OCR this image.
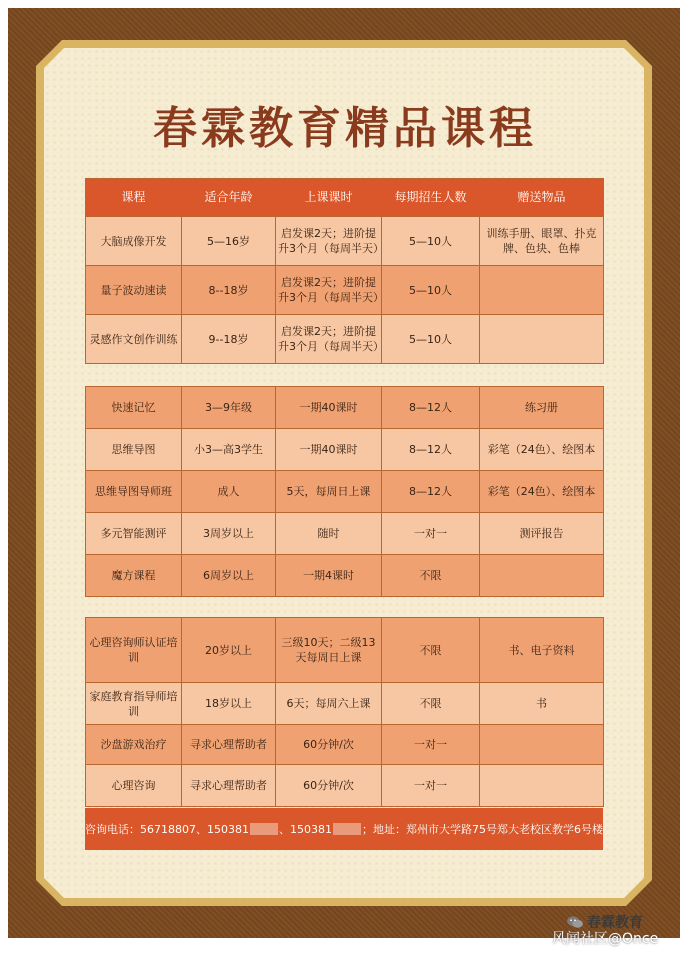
春霖教育精品课程
课程	适合年龄	上课课时	每期招生人数	赠送物品
大脑成像开发	5—16岁	启发课2天；进阶提升3个月（每周半天）	5—10人	训练手册、眼罩、扑克牌、色块、色棒
量子波动速读	8--18岁	启发课2天；进阶提升3个月（每周半天）	5—10人	
灵感作文创作训练	9--18岁	启发课2天；进阶提升3个月（每周半天）	5—10人	
快速记忆	3—9年级	一期40课时	8—12人	练习册
思维导图	小3—高3学生	一期40课时	8—12人	彩笔（24色）、绘图本
思维导图导师班	成人	5天，每周日上课	8—12人	彩笔（24色）、绘图本
多元智能测评	3周岁以上	随时	一对一	测评报告
魔方课程	6周岁以上	一期4课时	不限	
心理咨询师认证培训	20岁以上	三级10天；二级13天每周日上课	不限	书、电子资料
家庭教育指导师培训	18岁以上	6天；每周六上课	不限	书
沙盘游戏治疗	寻求心理帮助者	60分钟/次	一对一	
心理咨询	寻求心理帮助者	60分钟/次	一对一	
咨询电话：56718807、150381	、150381	；地址：郑州市大学路75号郑大老校区教学6号楼
春霖教育
风闻社区@Once
